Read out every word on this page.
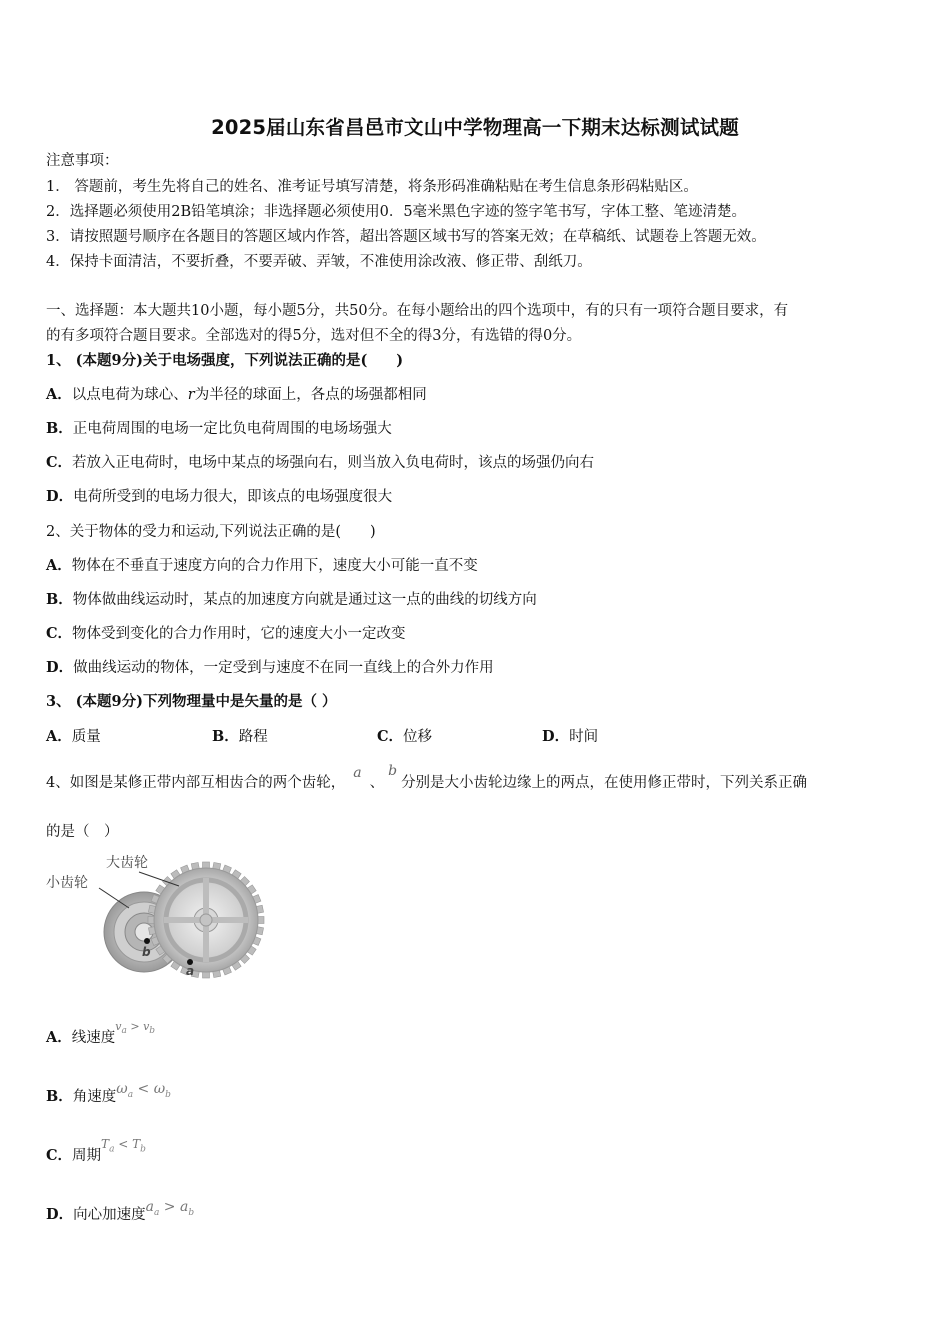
2025届山东省昌邑市文山中学物理高一下期末达标测试试题
注意事项：
1． 答题前，考生先将自己的姓名、准考证号填写清楚，将条形码准确粘贴在考生信息条形码粘贴区。
2．选择题必须使用2B铅笔填涂；非选择题必须使用0．5毫米黑色字迹的签字笔书写，字体工整、笔迹清楚。
3．请按照题号顺序在各题目的答题区域内作答，超出答题区域书写的答案无效；在草稿纸、试题卷上答题无效。
4．保持卡面清洁，不要折叠，不要弄破、弄皱，不准使用涂改液、修正带、刮纸刀。
一、选择题：本大题共10小题，每小题5分，共50分。在每小题给出的四个选项中，有的只有一项符合题目要求，有
的有多项符合题目要求。全部选对的得5分，选对但不全的得3分，有选错的得0分。
1、 (本题9分)关于电场强度，下列说法正确的是(　　)
A．以点电荷为球心、r为半径的球面上，各点的场强都相同
B．正电荷周围的电场一定比负电荷周围的电场场强大
C．若放入正电荷时，电场中某点的场强向右，则当放入负电荷时，该点的场强仍向右
D．电荷所受到的电场力很大，即该点的电场强度很大
2、关于物体的受力和运动,下列说法正确的是(　　)
A．物体在不垂直于速度方向的合力作用下，速度大小可能一直不变
B．物体做曲线运动时，某点的加速度方向就是通过这一点的曲线的切线方向
C．物体受到变化的合力作用时，它的速度大小一定改变
D．做曲线运动的物体，一定受到与速度不在同一直线上的合外力作用
3、 (本题9分)下列物理量中是矢量的是（ ）
A．质量	B．路程	C．位移	D．时间
4、如图是某修正带内部互相齿合的两个齿轮，a、b分别是大小齿轮边缘上的两点，在使用修正带时，下列关系正确
的是（　）
大齿轮
小齿轮
b
a
A．线速度$^{v_a > v_b}$
B．角速度$\omega_a < \omega_b$
C．周期$^{T_a < T_b}$
D．向心加速度$a_a > a_b$
